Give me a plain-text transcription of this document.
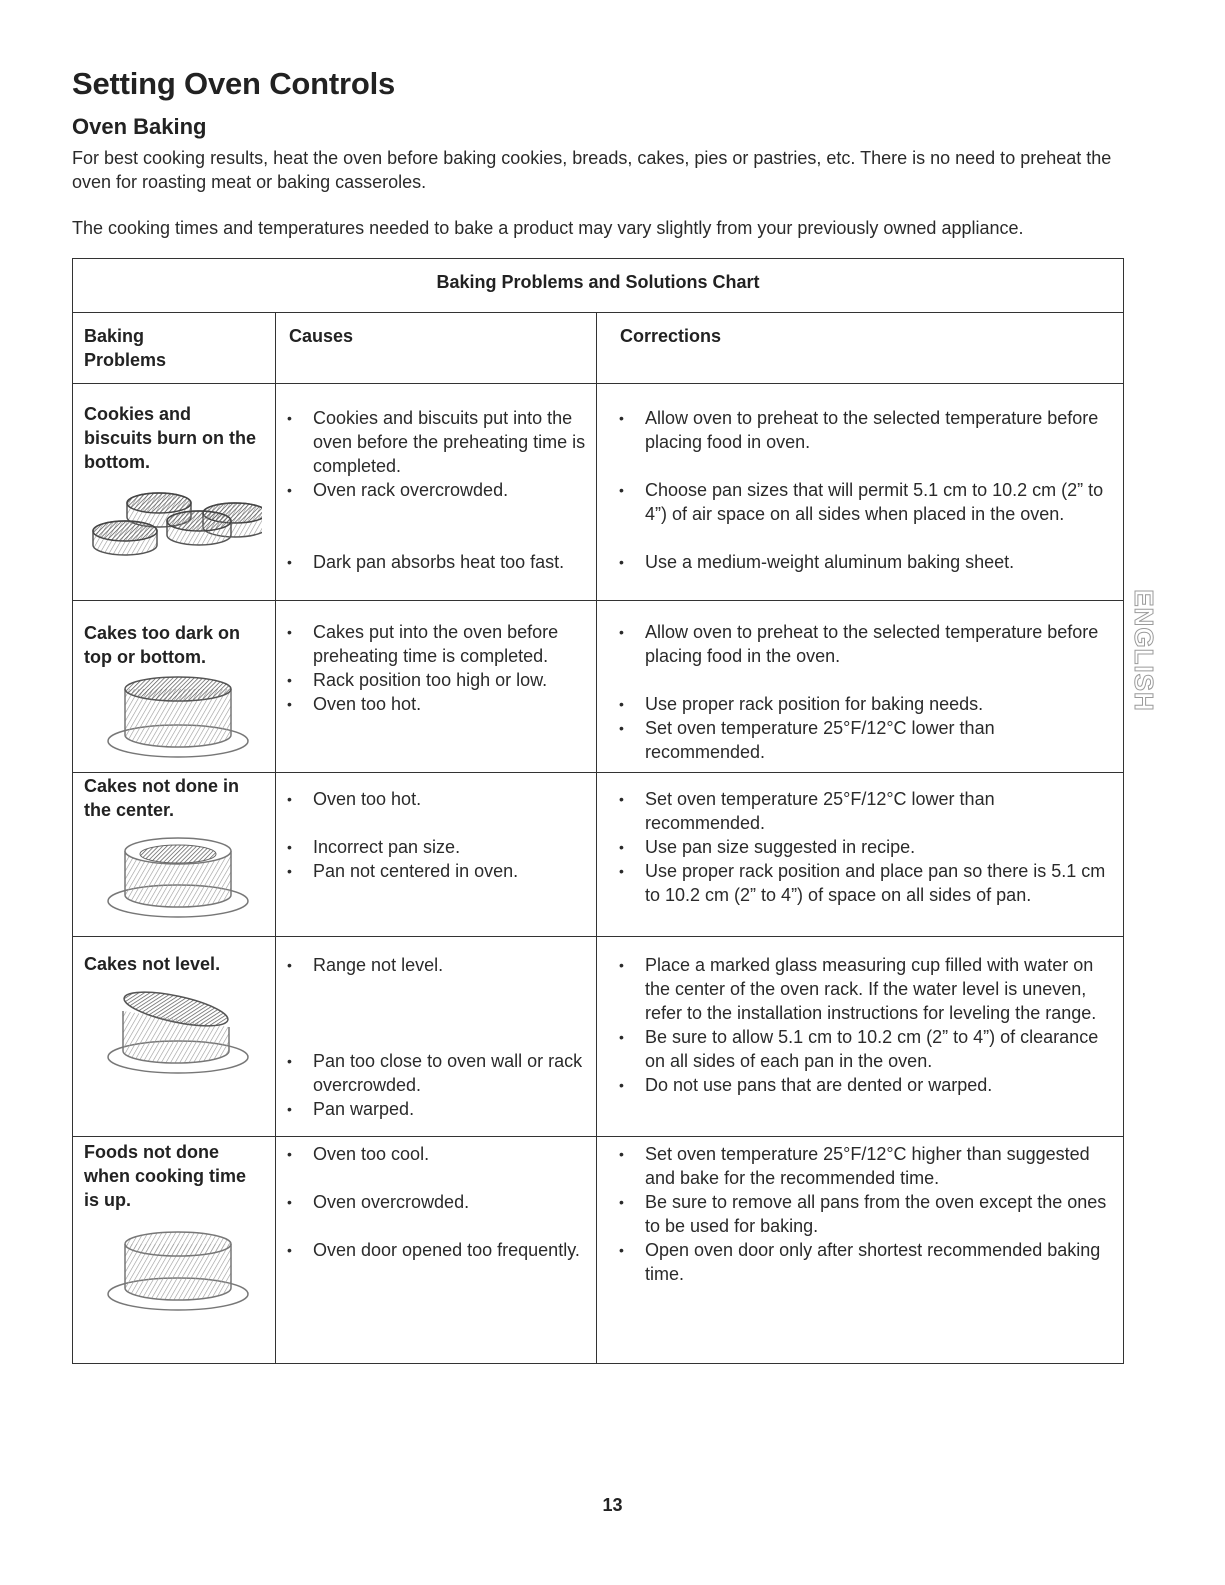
Setting Oven Controls
Oven Baking

For best cooking results, heat the oven before baking cookies, breads, cakes, pies or pastries, etc. There is no need to preheat the oven for roasting meat or baking casseroles.

The cooking times and temperatures needed to bake a product may vary slightly from your previously owned appliance.

Baking Problems and Solutions Chart
Baking Problems
Causes	Corrections
Cookies and biscuits burn on the bottom.
• Cookies and biscuits put into the oven before the preheating time is completed.
• Oven rack overcrowded.
• Dark pan absorbs heat too fast.
• Allow oven to preheat to the selected temperature before placing food in oven.
• Choose pan sizes that will permit 5.1 cm to 10.2 cm (2” to 4”) of air space on all sides when placed in the oven.
• Use a medium-weight aluminum baking sheet.
Cakes too dark on top or bottom.
• Cakes put into the oven before preheating time is completed.
• Rack position too high or low.
• Oven too hot.
• Allow oven to preheat to the selected temperature before placing food in the oven.
• Use proper rack position for baking needs.
• Set oven temperature 25°F/12°C lower than recommended.
Cakes not done in the center.
• Oven too hot.
• Incorrect pan size.
• Pan not centered in oven.
• Set oven temperature 25°F/12°C lower than recommended.
• Use pan size suggested in recipe.
• Use proper rack position and place pan so there is 5.1 cm to 10.2 cm (2” to 4”) of space on all sides of pan.
Cakes not level.
•	Range not level.
• Pan too close to oven wall or rack overcrowded.
• Pan warped.
• Place a marked glass measuring cup filled with water on the center of the oven rack. If the water level is uneven, refer to the installation instructions for leveling the range.
• Be sure to allow 5.1 cm to 10.2 cm (2” to 4”) of clearance on all sides of each pan in the oven.
• Do not use pans that are dented or warped.
Foods not done when cooking time is up.
• Oven too cool.
• Oven overcrowded.
• Oven door opened too frequently.
• Set oven temperature 25°F/12°C higher than suggested and bake for the recommended time.
• Be sure to remove all pans from the oven except the ones to be used for baking.
• Open oven door only after shortest recommended baking time.
ENGLISH
13
